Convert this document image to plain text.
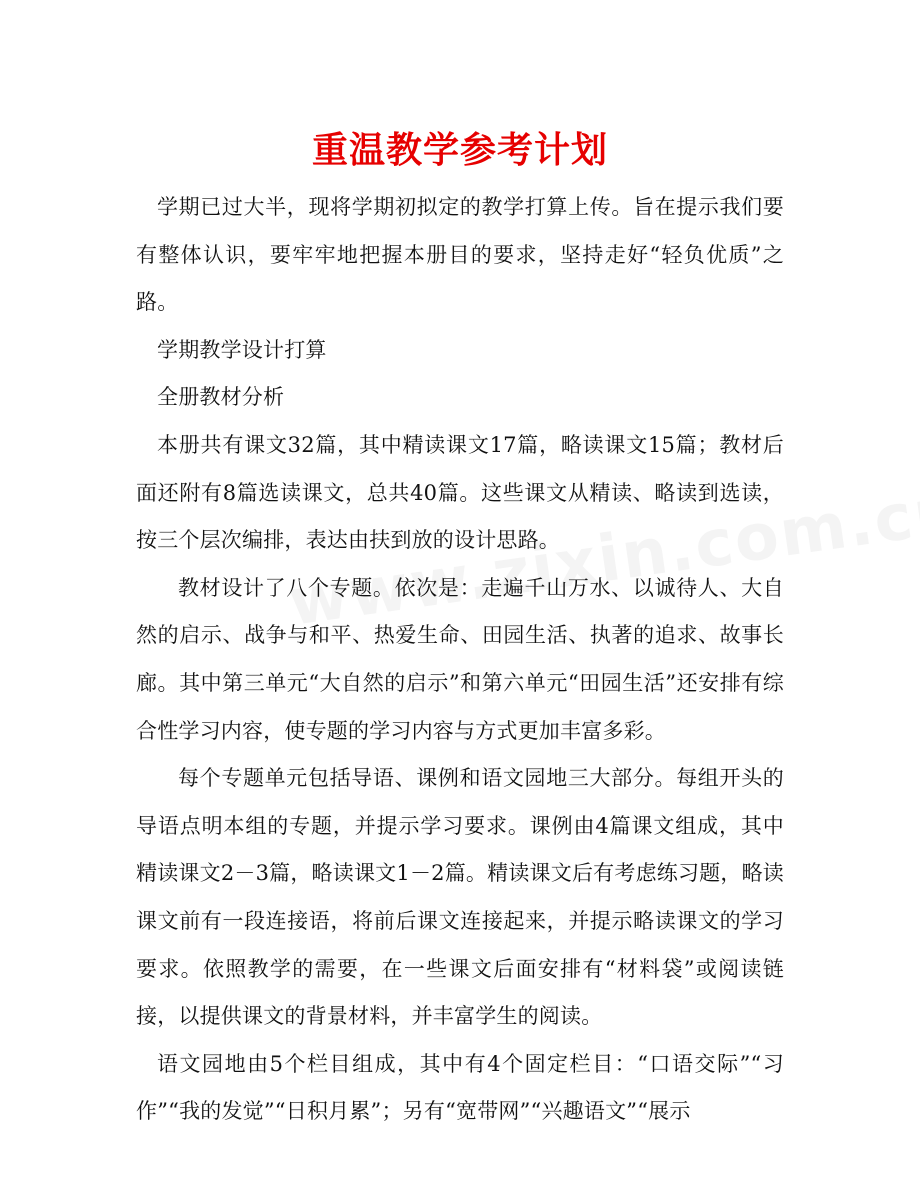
重温教学参考计划

学期已过大半，现将学期初拟定的教学打算上传。旨在提示我们要有整体认识，要牢牢地把握本册目的要求，坚持走好“轻负优质”之路。

学期教学设计打算

全册教材分析

本册共有课文32篇，其中精读课文17篇，略读课文15篇；教材后面还附有8篇选读课文，总共40篇。这些课文从精读、略读到选读，按三个层次编排，表达由扶到放的设计思路。

教材设计了八个专题。依次是：走遍千山万水、以诚待人、大自然的启示、战争与和平、热爱生命、田园生活、执著的追求、故事长廊。其中第三单元“大自然的启示”和第六单元“田园生活”还安排有综合性学习内容，使专题的学习内容与方式更加丰富多彩。

每个专题单元包括导语、课例和语文园地三大部分。每组开头的导语点明本组的专题，并提示学习要求。课例由4篇课文组成，其中精读课文2－3篇，略读课文1－2篇。精读课文后有考虑练习题，略读课文前有一段连接语，将前后课文连接起来，并提示略读课文的学习要求。依照教学的需要，在一些课文后面安排有“材料袋”或阅读链接，以提供课文的背景材料，并丰富学生的阅读。

语文园地由5个栏目组成，其中有4个固定栏目：“口语交际”“习作”“我的发觉”“日积月累”；另有“宽带网”“兴趣语文”“展示
